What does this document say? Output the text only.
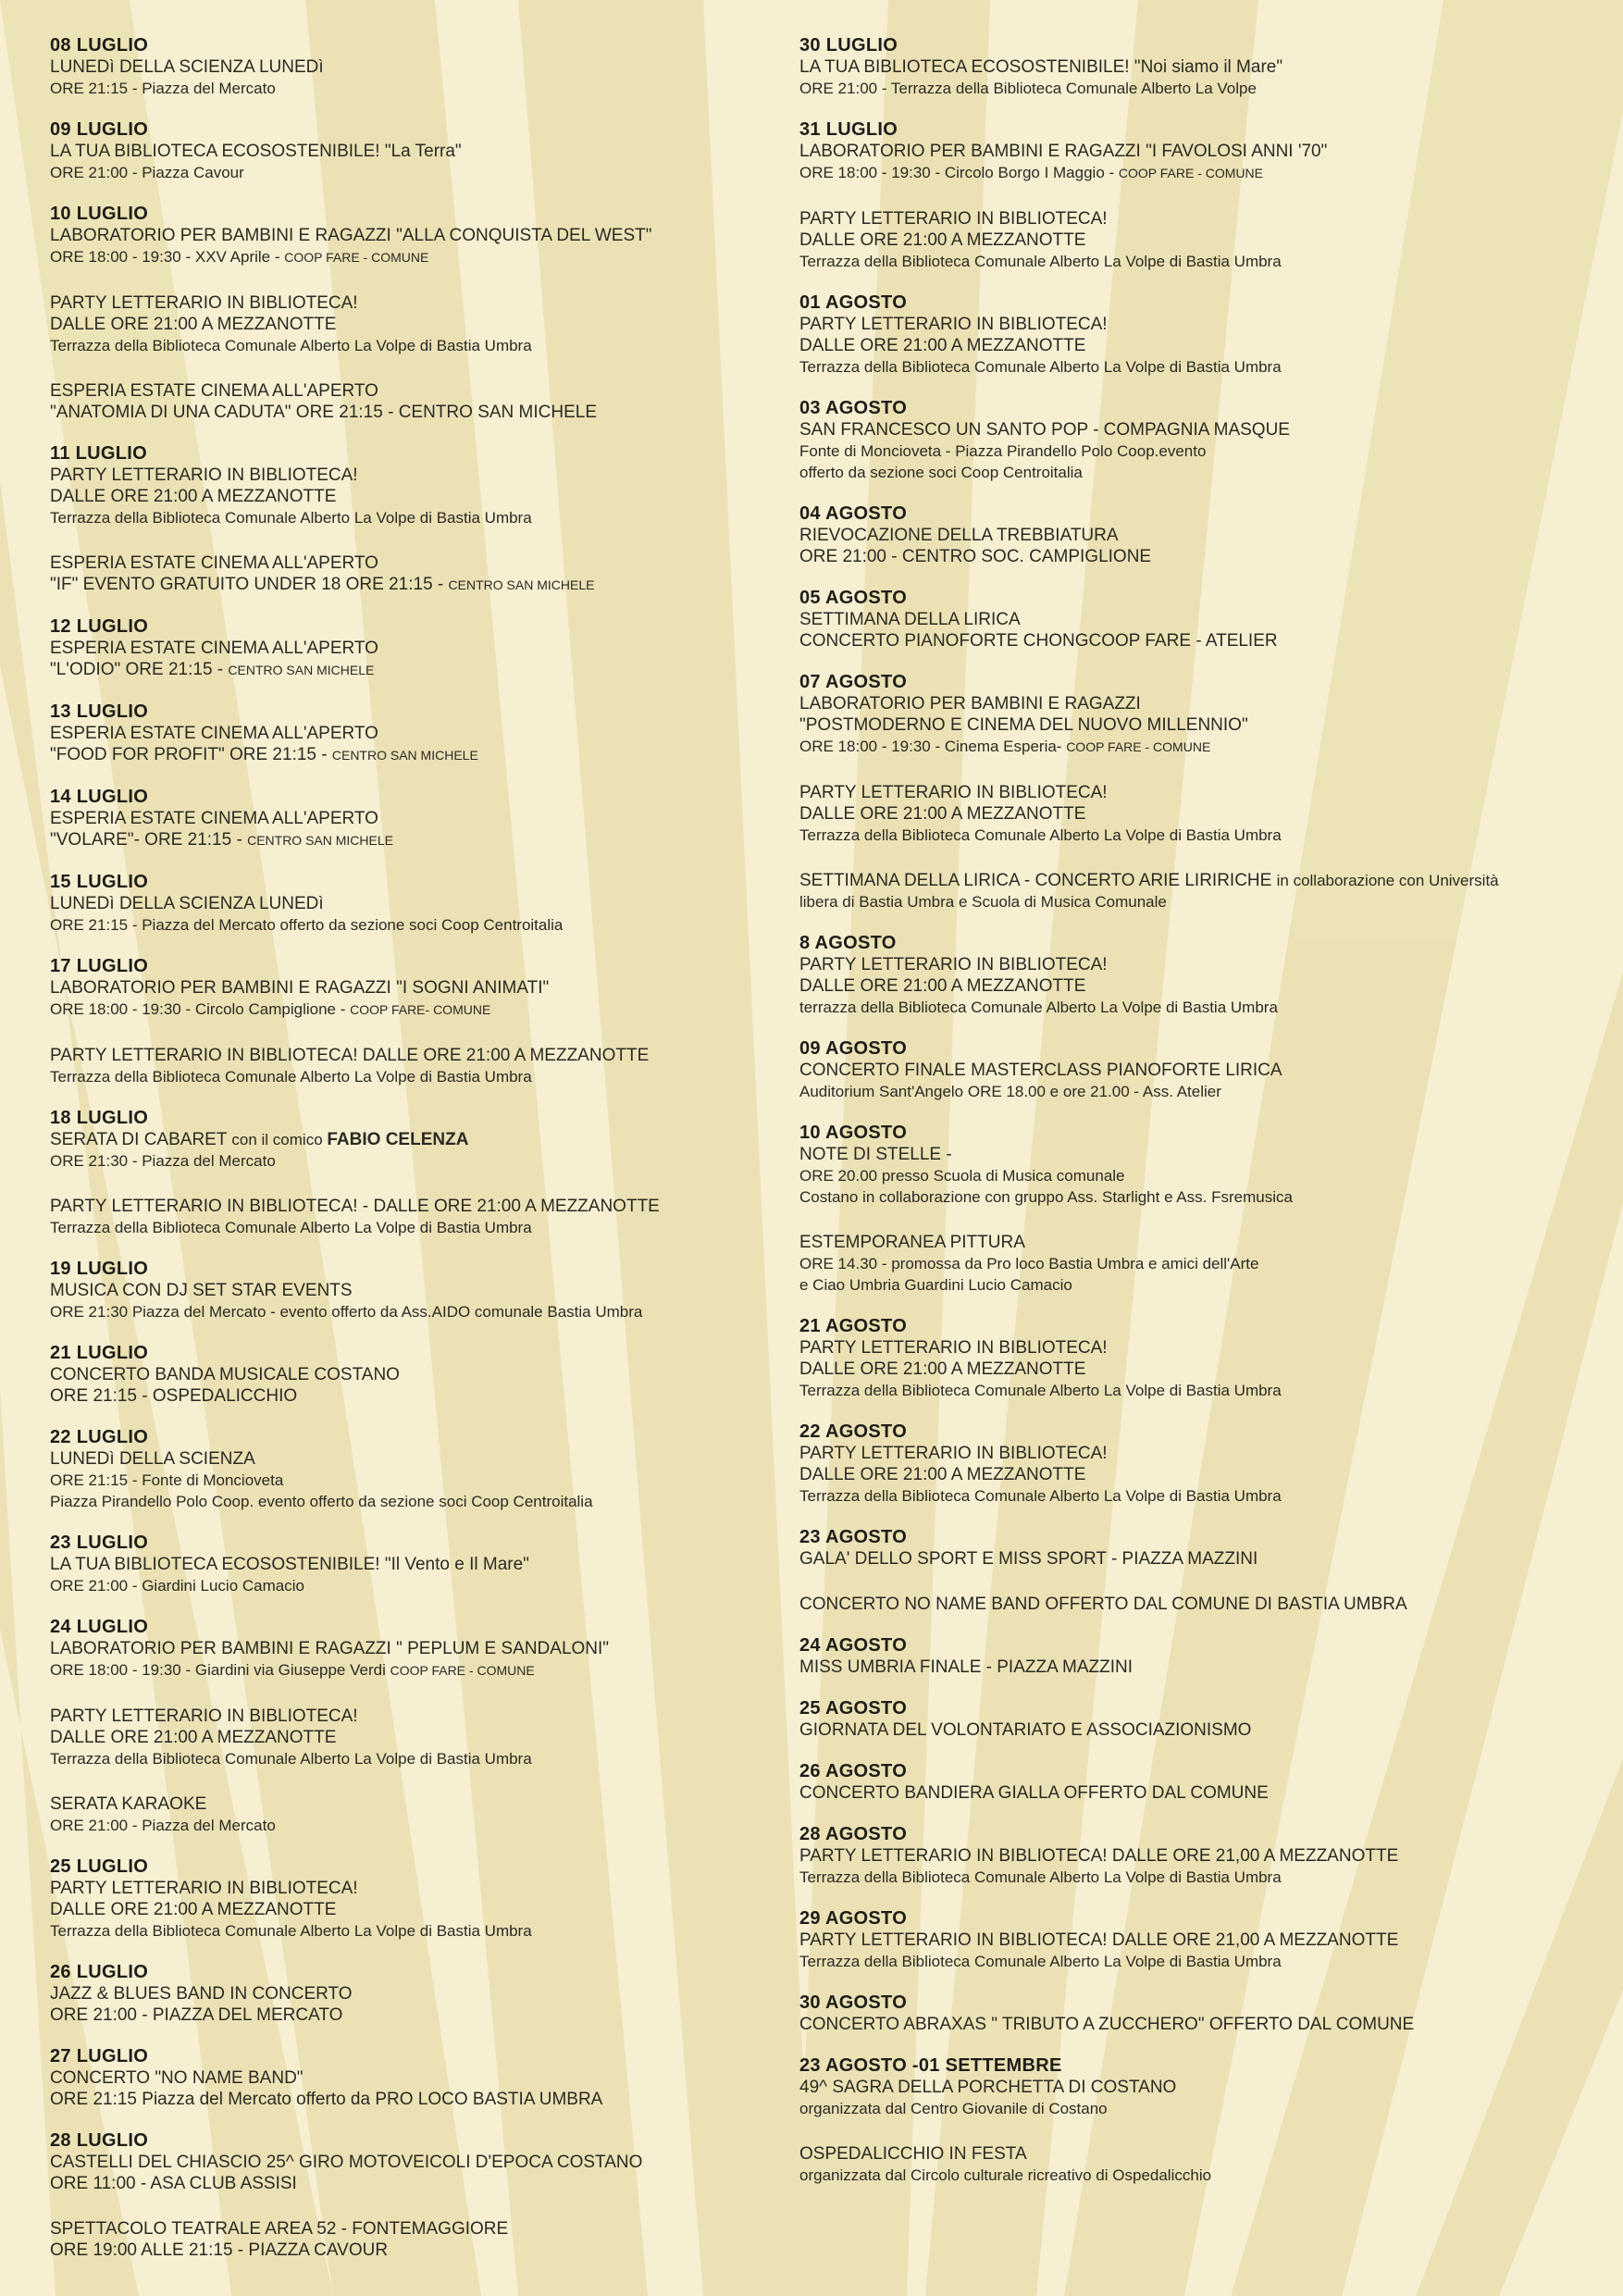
08 LUGLIO
LUNEDì DELLA SCIENZA LUNEDì
ORE 21:15 - Piazza del Mercato
09 LUGLIO
LA TUA BIBLIOTECA ECOSOSTENIBILE! "La Terra"
ORE 21:00 - Piazza Cavour
10 LUGLIO
LABORATORIO PER BAMBINI E RAGAZZI "ALLA CONQUISTA DEL WEST"
ORE 18:00 - 19:30 - XXV Aprile - COOP FARE - COMUNE
PARTY LETTERARIO IN BIBLIOTECA!
DALLE ORE 21:00 A MEZZANOTTE
Terrazza della Biblioteca Comunale Alberto La Volpe di Bastia Umbra
ESPERIA ESTATE CINEMA ALL'APERTO
"ANATOMIA DI UNA CADUTA" ORE 21:15 - CENTRO SAN MICHELE
11 LUGLIO
PARTY LETTERARIO IN BIBLIOTECA!
DALLE ORE 21:00 A MEZZANOTTE
Terrazza della Biblioteca Comunale Alberto La Volpe di Bastia Umbra
ESPERIA ESTATE CINEMA ALL'APERTO
"IF" EVENTO GRATUITO UNDER 18 ORE 21:15 - CENTRO SAN MICHELE
12 LUGLIO
ESPERIA ESTATE CINEMA ALL'APERTO
"L'ODIO" ORE 21:15 - CENTRO SAN MICHELE
13 LUGLIO
ESPERIA ESTATE CINEMA ALL'APERTO
"FOOD FOR PROFIT" ORE 21:15 - CENTRO SAN MICHELE
14 LUGLIO
ESPERIA ESTATE CINEMA ALL'APERTO
"VOLARE"- ORE 21:15 - CENTRO SAN MICHELE
15 LUGLIO
LUNEDì DELLA SCIENZA LUNEDì
ORE 21:15 - Piazza del Mercato offerto da sezione soci Coop Centroitalia
17 LUGLIO
LABORATORIO PER BAMBINI E RAGAZZI "I SOGNI ANIMATI"
ORE 18:00 - 19:30 - Circolo Campiglione - COOP FARE- COMUNE
PARTY LETTERARIO IN BIBLIOTECA! DALLE ORE 21:00 A MEZZANOTTE
Terrazza della Biblioteca Comunale Alberto La Volpe di Bastia Umbra
18 LUGLIO
SERATA DI CABARET con il comico FABIO CELENZA
ORE 21:30 - Piazza del Mercato
PARTY LETTERARIO IN BIBLIOTECA! - DALLE ORE 21:00 A MEZZANOTTE
Terrazza della Biblioteca Comunale Alberto La Volpe di Bastia Umbra
19 LUGLIO
MUSICA CON DJ SET STAR EVENTS
ORE 21:30 Piazza del Mercato - evento offerto da Ass.AIDO comunale Bastia Umbra
21 LUGLIO
CONCERTO BANDA MUSICALE COSTANO
ORE 21:15 - OSPEDALICCHIO
22 LUGLIO
LUNEDì DELLA SCIENZA
ORE 21:15 - Fonte di Moncioveta
Piazza Pirandello Polo Coop. evento offerto da sezione soci Coop Centroitalia
23 LUGLIO
LA TUA BIBLIOTECA ECOSOSTENIBILE! "Il Vento e Il Mare"
ORE 21:00 - Giardini Lucio Camacio
24 LUGLIO
LABORATORIO PER BAMBINI E RAGAZZI " PEPLUM E SANDALONI"
ORE 18:00 - 19:30 - Giardini via Giuseppe Verdi COOP FARE - COMUNE
PARTY LETTERARIO IN BIBLIOTECA!
DALLE ORE 21:00 A MEZZANOTTE
Terrazza della Biblioteca Comunale Alberto La Volpe di Bastia Umbra
SERATA KARAOKE
ORE 21:00 - Piazza del Mercato
25 LUGLIO
PARTY LETTERARIO IN BIBLIOTECA!
DALLE ORE 21:00 A MEZZANOTTE
Terrazza della Biblioteca Comunale Alberto La Volpe di Bastia Umbra
26 LUGLIO
JAZZ & BLUES BAND IN CONCERTO
ORE 21:00 - PIAZZA DEL MERCATO
27 LUGLIO
CONCERTO "NO NAME BAND"
ORE 21:15 Piazza del Mercato offerto da PRO LOCO BASTIA UMBRA
28 LUGLIO
CASTELLI DEL CHIASCIO 25^ GIRO MOTOVEICOLI D'EPOCA COSTANO
ORE 11:00 - ASA CLUB ASSISI
SPETTACOLO TEATRALE AREA 52 - FONTEMAGGIORE
ORE 19:00 ALLE 21:15 - PIAZZA CAVOUR
30 LUGLIO
LA TUA BIBLIOTECA ECOSOSTENIBILE! "Noi siamo il Mare"
ORE 21:00 - Terrazza della Biblioteca Comunale Alberto La Volpe
31 LUGLIO
LABORATORIO PER BAMBINI E RAGAZZI "I FAVOLOSI ANNI '70"
ORE 18:00 - 19:30 - Circolo Borgo I Maggio - COOP FARE - COMUNE
PARTY LETTERARIO IN BIBLIOTECA!
DALLE ORE 21:00 A MEZZANOTTE
Terrazza della Biblioteca Comunale Alberto La Volpe di Bastia Umbra
01 AGOSTO
PARTY LETTERARIO IN BIBLIOTECA!
DALLE ORE 21:00 A MEZZANOTTE
Terrazza della Biblioteca Comunale Alberto La Volpe di Bastia Umbra
03 AGOSTO
SAN FRANCESCO UN SANTO POP - COMPAGNIA MASQUE
Fonte di Moncioveta - Piazza Pirandello Polo Coop.evento
offerto da sezione soci Coop Centroitalia
04 AGOSTO
RIEVOCAZIONE DELLA TREBBIATURA
ORE 21:00 - CENTRO SOC. CAMPIGLIONE
05 AGOSTO
SETTIMANA DELLA LIRICA
CONCERTO PIANOFORTE CHONGCOOP FARE - ATELIER
07 AGOSTO
LABORATORIO PER BAMBINI E RAGAZZI
"POSTMODERNO E CINEMA DEL NUOVO MILLENNIO"
ORE 18:00 - 19:30 - Cinema Esperia- COOP FARE - COMUNE
PARTY LETTERARIO IN BIBLIOTECA!
DALLE ORE 21:00 A MEZZANOTTE
Terrazza della Biblioteca Comunale Alberto La Volpe di Bastia Umbra
SETTIMANA DELLA LIRICA - CONCERTO ARIE LIRIRICHE in collaborazione con Università
libera di Bastia Umbra e Scuola di Musica Comunale
8 AGOSTO
PARTY LETTERARIO IN BIBLIOTECA!
DALLE ORE 21:00 A MEZZANOTTE
terrazza della Biblioteca Comunale Alberto La Volpe di Bastia Umbra
09 AGOSTO
CONCERTO FINALE MASTERCLASS PIANOFORTE LIRICA
Auditorium Sant'Angelo ORE 18.00 e ore 21.00 - Ass. Atelier
10 AGOSTO
NOTE DI STELLE -
ORE 20.00 presso Scuola di Musica comunale
Costano in collaborazione con gruppo Ass. Starlight e Ass. Fsremusica
ESTEMPORANEA PITTURA
ORE 14.30 - promossa da Pro loco Bastia Umbra e amici dell'Arte
e Ciao Umbria Guardini Lucio Camacio
21 AGOSTO
PARTY LETTERARIO IN BIBLIOTECA!
DALLE ORE 21:00 A MEZZANOTTE
Terrazza della Biblioteca Comunale Alberto La Volpe di Bastia Umbra
22 AGOSTO
PARTY LETTERARIO IN BIBLIOTECA!
DALLE ORE 21:00 A MEZZANOTTE
Terrazza della Biblioteca Comunale Alberto La Volpe di Bastia Umbra
23 AGOSTO
GALA' DELLO SPORT E MISS SPORT - PIAZZA MAZZINI
CONCERTO NO NAME BAND OFFERTO DAL COMUNE DI BASTIA UMBRA
24 AGOSTO
MISS UMBRIA FINALE - PIAZZA MAZZINI
25 AGOSTO
GIORNATA DEL VOLONTARIATO E ASSOCIAZIONISMO
26 AGOSTO
CONCERTO BANDIERA GIALLA OFFERTO DAL COMUNE
28 AGOSTO
PARTY LETTERARIO IN BIBLIOTECA! DALLE ORE 21,00 A MEZZANOTTE
Terrazza della Biblioteca Comunale Alberto La Volpe di Bastia Umbra
29 AGOSTO
PARTY LETTERARIO IN BIBLIOTECA! DALLE ORE 21,00 A MEZZANOTTE
Terrazza della Biblioteca Comunale Alberto La Volpe di Bastia Umbra
30 AGOSTO
CONCERTO ABRAXAS " TRIBUTO A ZUCCHERO" OFFERTO DAL COMUNE
23 AGOSTO -01 SETTEMBRE
49^ SAGRA DELLA PORCHETTA DI COSTANO
organizzata dal Centro Giovanile di Costano
OSPEDALICCHIO IN FESTA
organizzata dal Circolo culturale ricreativo di Ospedalicchio
